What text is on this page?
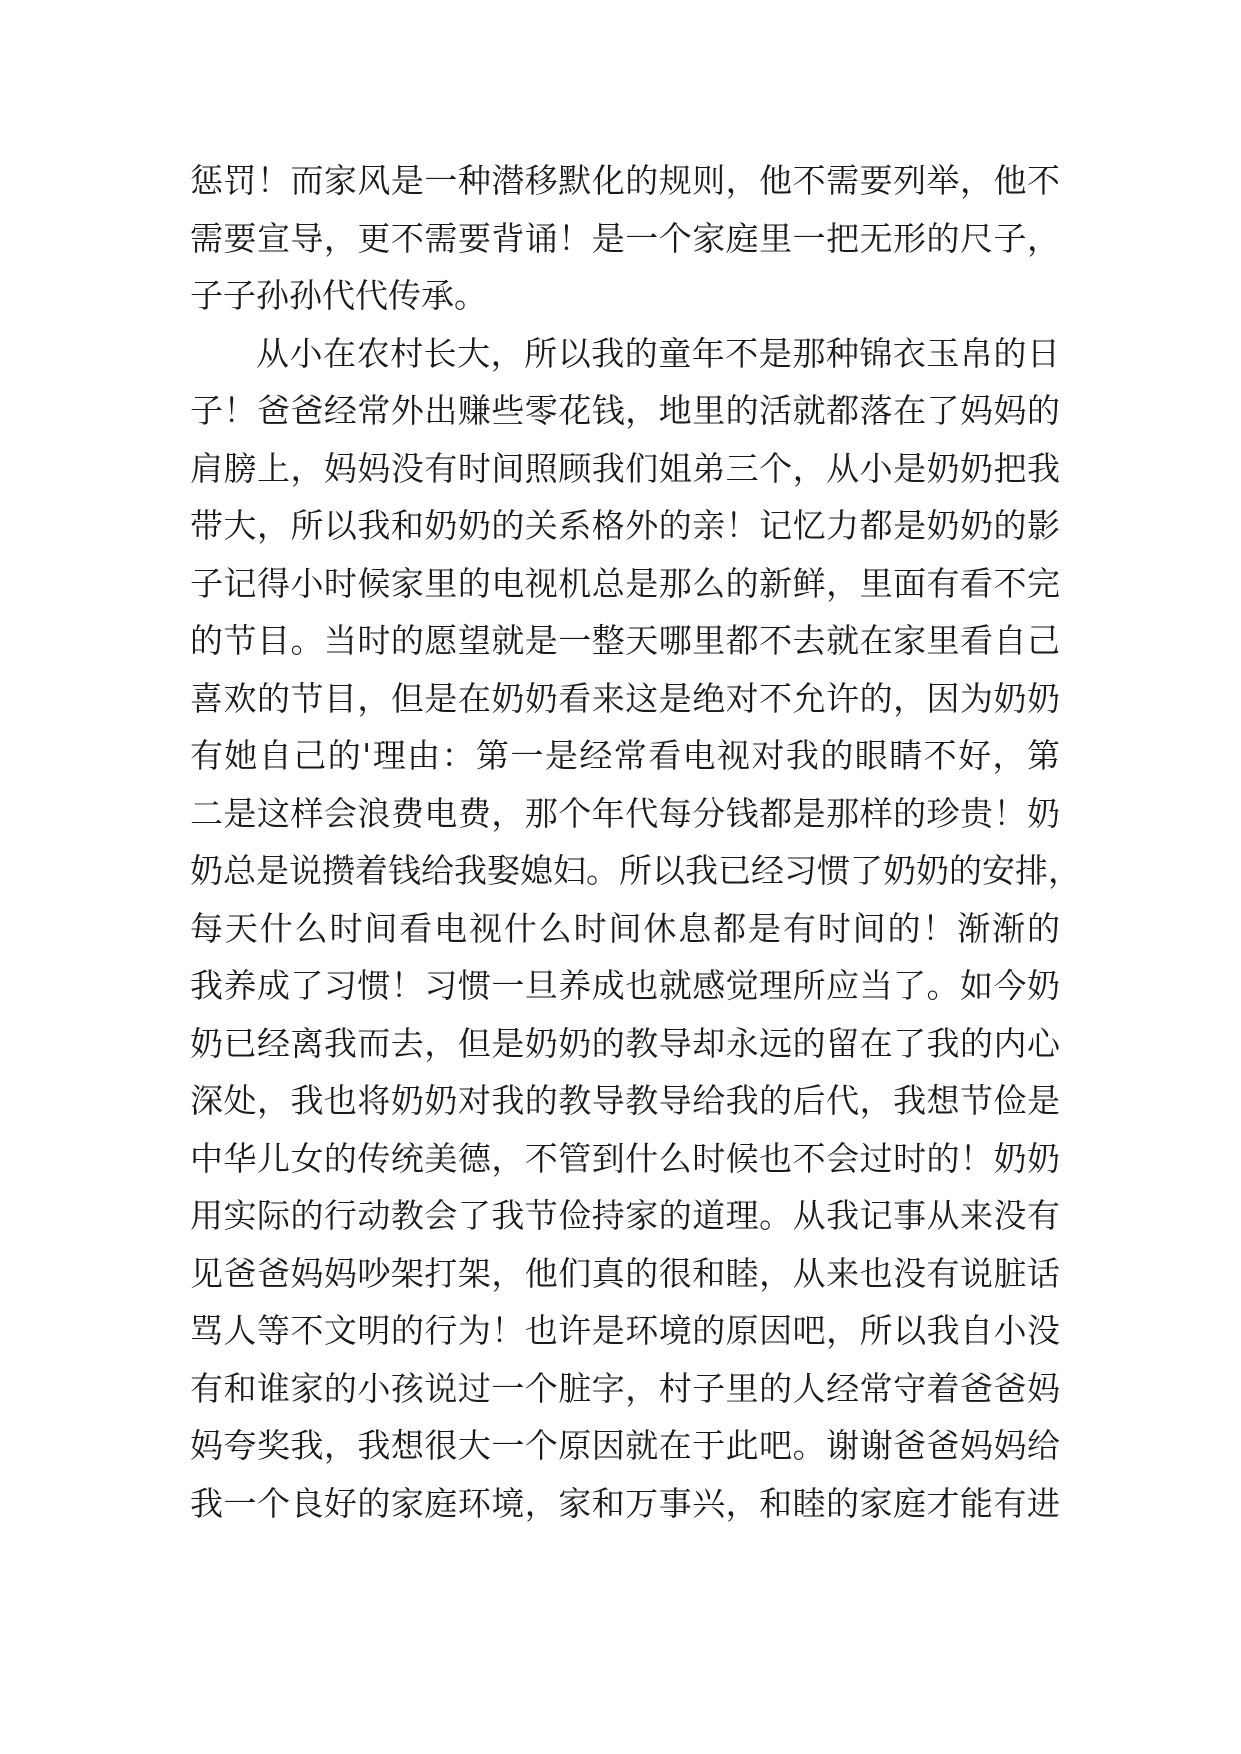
惩罚！而家风是一种潜移默化的规则，他不需要列举，他不
需要宣导，更不需要背诵！是一个家庭里一把无形的尺子，
子子孙孙代代传承。
从小在农村长大，所以我的童年不是那种锦衣玉帛的日
子！爸爸经常外出赚些零花钱，地里的活就都落在了妈妈的
肩膀上，妈妈没有时间照顾我们姐弟三个，从小是奶奶把我
带大，所以我和奶奶的关系格外的亲！记忆力都是奶奶的影
子记得小时候家里的电视机总是那么的新鲜，里面有看不完
的节目。当时的愿望就是一整天哪里都不去就在家里看自己
喜欢的节目，但是在奶奶看来这是绝对不允许的，因为奶奶
有她自己的'理由：第一是经常看电视对我的眼睛不好，第
二是这样会浪费电费，那个年代每分钱都是那样的珍贵！奶
奶总是说攒着钱给我娶媳妇。所以我已经习惯了奶奶的安排，
每天什么时间看电视什么时间休息都是有时间的！渐渐的
我养成了习惯！习惯一旦养成也就感觉理所应当了。如今奶
奶已经离我而去，但是奶奶的教导却永远的留在了我的内心
深处，我也将奶奶对我的教导教导给我的后代，我想节俭是
中华儿女的传统美德，不管到什么时候也不会过时的！奶奶
用实际的行动教会了我节俭持家的道理。从我记事从来没有
见爸爸妈妈吵架打架，他们真的很和睦，从来也没有说脏话
骂人等不文明的行为！也许是环境的原因吧，所以我自小没
有和谁家的小孩说过一个脏字，村子里的人经常守着爸爸妈
妈夸奖我，我想很大一个原因就在于此吧。谢谢爸爸妈妈给
我一个良好的家庭环境，家和万事兴，和睦的家庭才能有进
